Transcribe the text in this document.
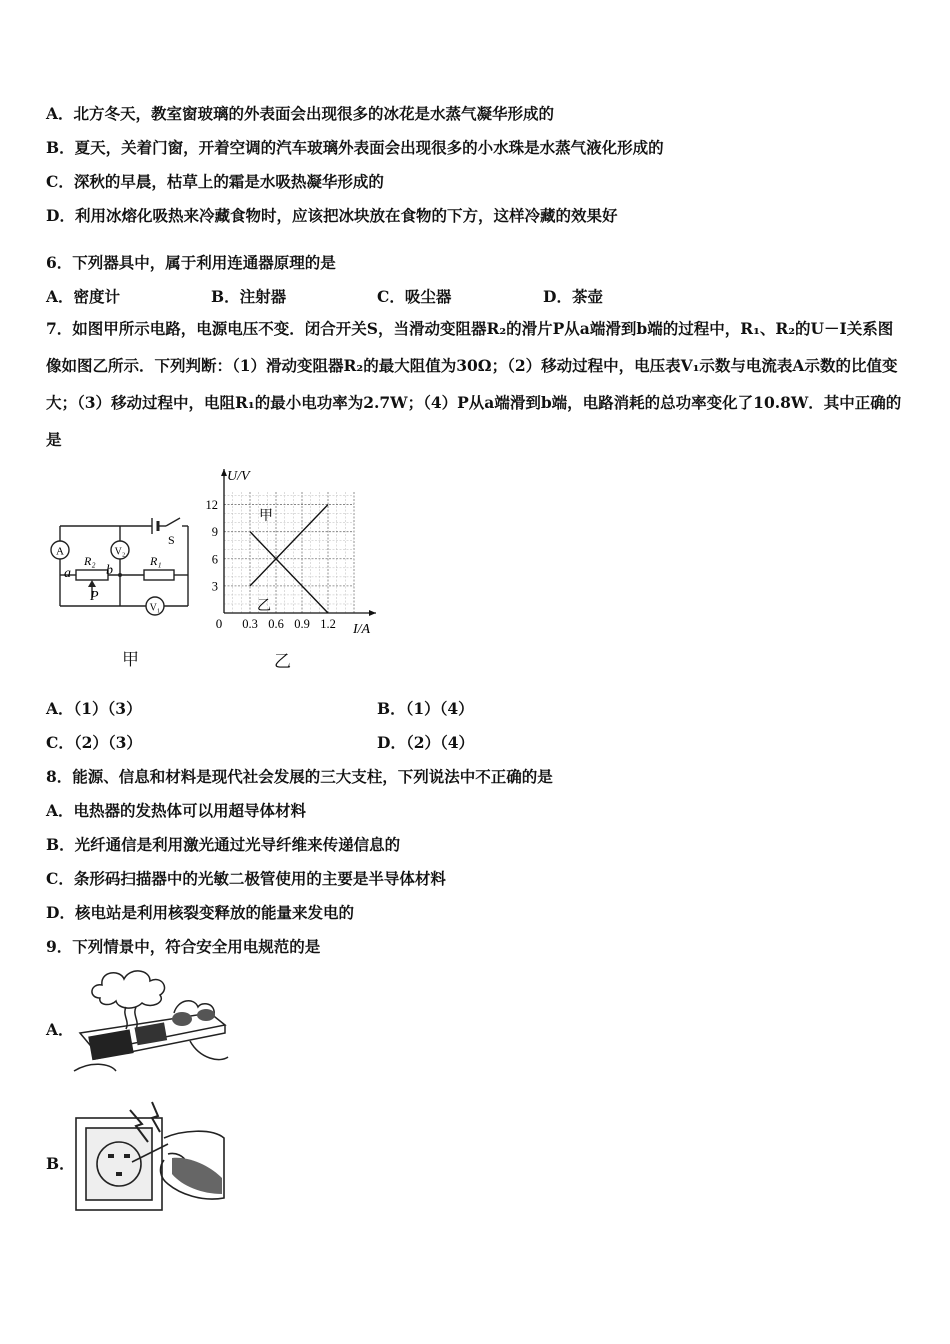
A．北方冬天，教室窗玻璃的外表面会出现很多的冰花是水蒸气凝华形成的
B．夏天，关着门窗，开着空调的汽车玻璃外表面会出现很多的小水珠是水蒸气液化形成的
C．深秋的早晨，枯草上的霜是水吸热凝华形成的
D．利用冰熔化吸热来冷藏食物时，应该把冰块放在食物的下方，这样冷藏的效果好
6．下列器具中，属于利用连通器原理的是
A．密度计	B．注射器	C．吸尘器	D．茶壶
7．如图甲所示电路，电源电压不变．闭合开关S，当滑动变阻器R₂的滑片P从a端滑到b端的过程中，R₁、R₂的U－I关系图像如图乙所示．下列判断：（1）滑动变阻器R₂的最大阻值为30Ω；（2）移动过程中，电压表V₁示数与电流表A示数的比值变大；（3）移动过程中，电阻R₁的最小电功率为2.7W；（4）P从a端滑到b端，电路消耗的总功率变化了10.8W．其中正确的是
A	V₂
V₁
S
R₂	R₁
a	b
P
甲
0.3 0.6 0.9 1.2
3
6
9
12
U/V
I/A
0
甲
乙
乙
A．（1）（3）	B．（1）（4）
C．（2）（3）	D．（2）（4）
8．能源、信息和材料是现代社会发展的三大支柱，下列说法中不正确的是
A．电热器的发热体可以用超导体材料
B．光纤通信是利用激光通过光导纤维来传递信息的
C．条形码扫描器中的光敏二极管使用的主要是半导体材料
D．核电站是利用核裂变释放的能量来发电的
9．下列情景中，符合安全用电规范的是
A．
B．
